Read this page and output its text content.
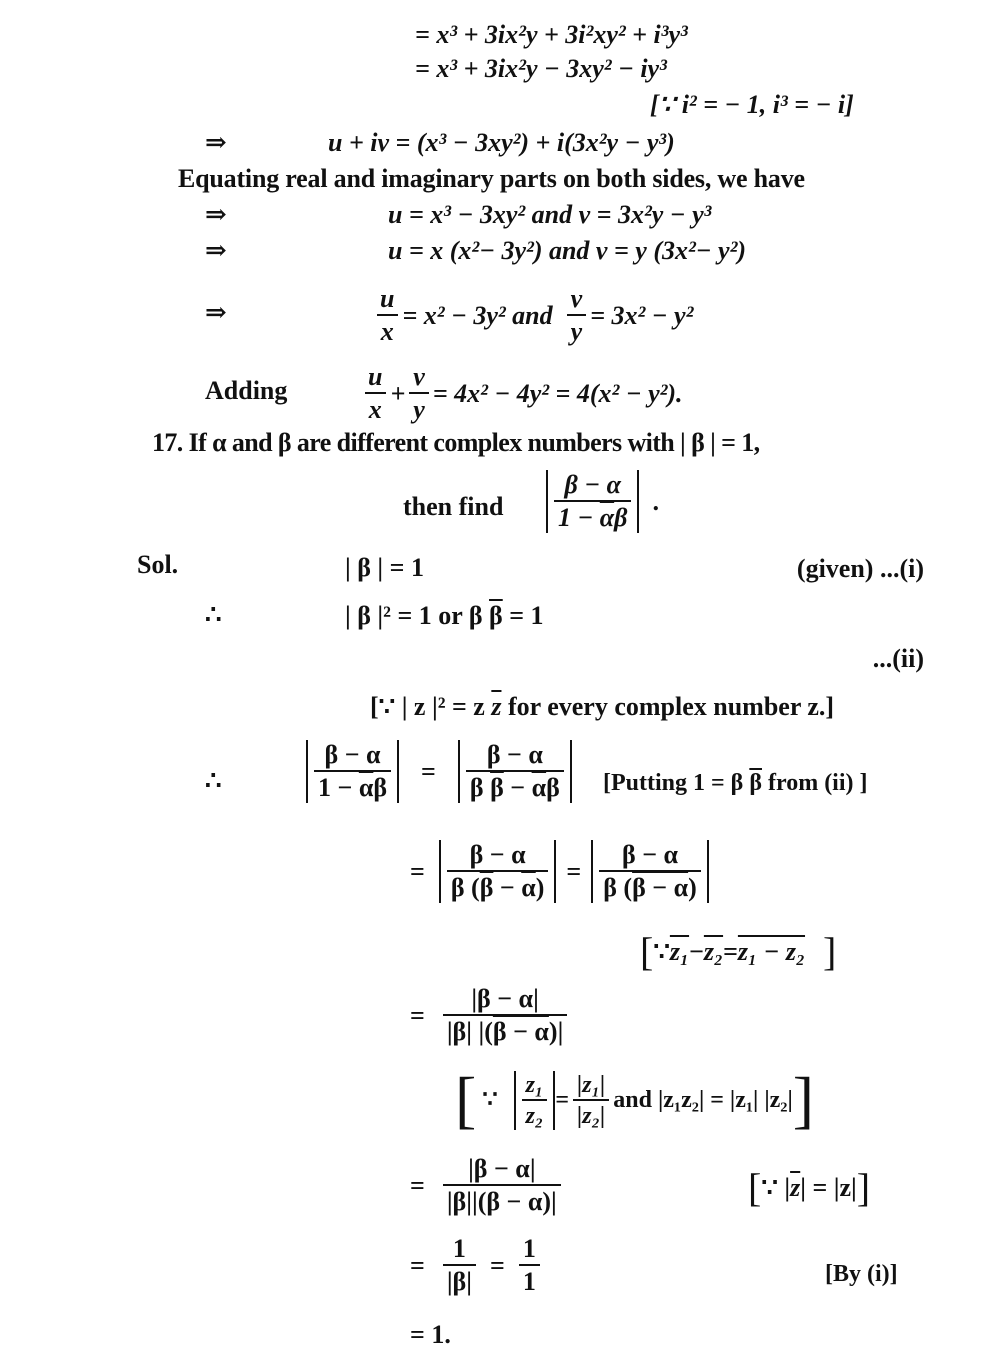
= x³ + 3ix²y + 3i²xy² + i³y³
= x³ + 3ix²y − 3xy² − iy³
[∵ i² = − 1, i³ = − i]
⇒	u + iv = (x³ − 3xy²) + i(3x²y − y³)
Equating real and imaginary parts on both sides, we have
⇒	u = x³ − 3xy² and v = 3x²y − y³
⇒	u = x (x²− 3y²) and v = y (3x²− y²)
⇒	$\frac{u}{x} = x^2 - 3y^2$ and $\frac{v}{y} = 3x^2 - y^2$
Adding	$\frac{u}{x} + \frac{v}{y} = 4x^2 - 4y^2 = 4(x^2 - y^2)$.
17. If α and β are different complex numbers with | β | = 1,
then find $\frac{\beta - \alpha}{1 - \overline{\alpha}\beta}$ .
Sol.	| β | = 1	(given) ...(i)
∴	| β |² = 1 or β $\overline{\beta} = 1$
...(ii)
[∵ | z |² = z $\overline{z}$ for every complex number z.]
∴	$\frac{\beta - \alpha}{1 - \overline{\alpha}\beta} = \frac{\beta - \alpha}{\beta \overline{\beta} - \overline{\alpha}\beta}$ [Putting 1 = β $\overline{\beta}$ from (ii) ]
= $\frac{\beta - \alpha}{\beta (\overline{\beta} - \overline{\alpha})} = \frac{\beta - \alpha}{\beta (\beta - \alpha)}$
[ ∵ z₁ − z₂ = z₁ − z₂ ]
= $\frac{|\beta - \alpha|}{|\beta| |(\beta - \alpha)|}$
[ ∵ $\frac{\text{z₁}}{\text{z₂}} = \frac{\text{|z₁|}}{\text{|z₂|}}$ and |z₁z₂| = |z₁| |z₂| ]
= $\frac{|\beta - \alpha|}{|\beta||(\beta - \alpha)|}$	[ ∵ | $\overline{z}$ | = |z| ]
= $\frac{1}{|\beta|} = \frac{1}{1}$	[By (i)]
= 1.
